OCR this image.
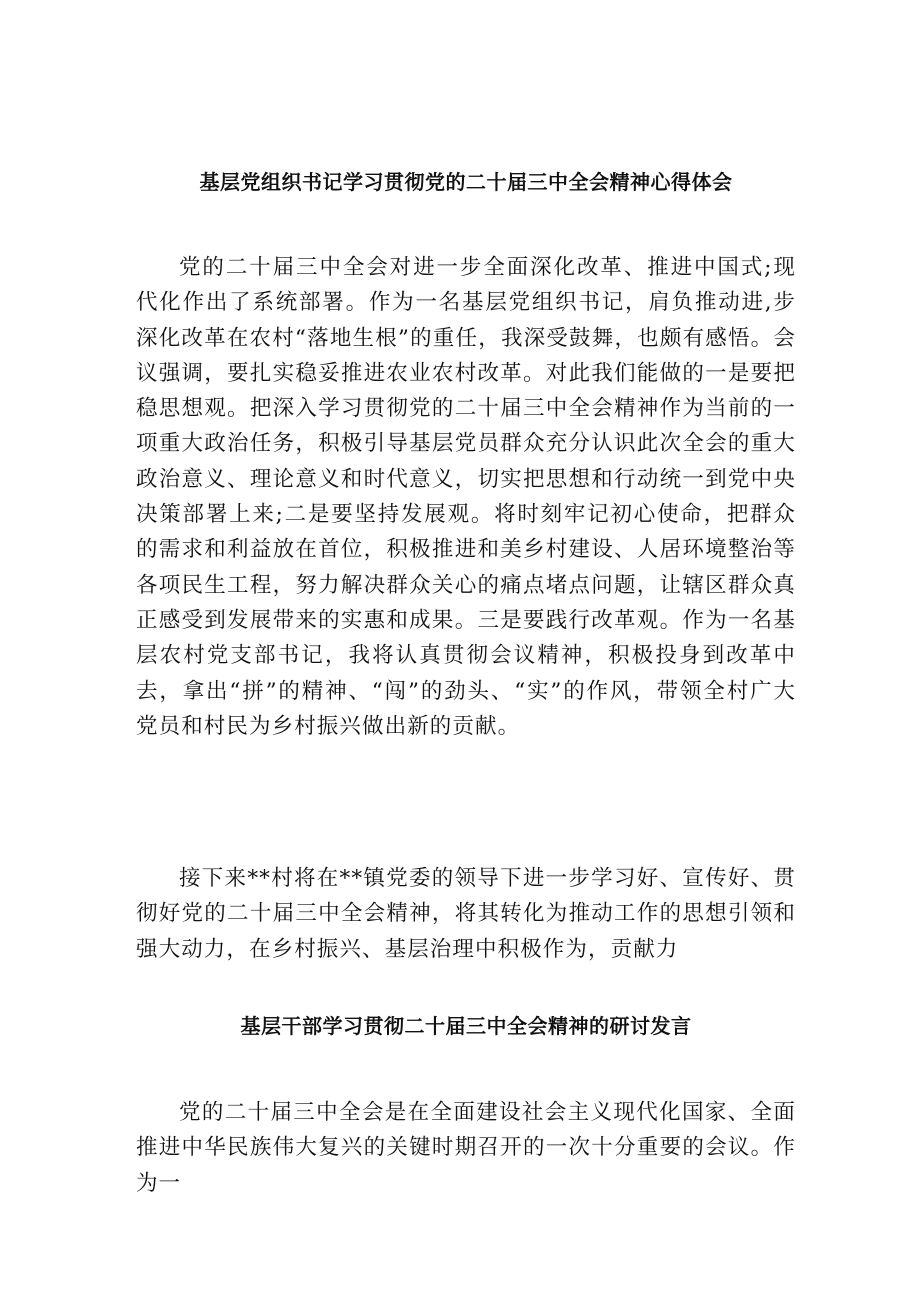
基层党组织书记学习贯彻党的二十届三中全会精神心得体会

党的二十届三中全会对进一步全面深化改革、推进中国式;现代化作出了系统部署。作为一名基层党组织书记，肩负推动进,步深化改革在农村“落地生根”的重任，我深受鼓舞，也颇有感悟。会议强调，要扎实稳妥推进农业农村改革。对此我们能做的一是要把稳思想观。把深入学习贯彻党的二十届三中全会精神作为当前的一项重大政治任务，积极引导基层党员群众充分认识此次全会的重大政治意义、理论意义和时代意义，切实把思想和行动统一到党中央决策部署上来;二是要坚持发展观。将时刻牢记初心使命，把群众的需求和利益放在首位，积极推进和美乡村建设、人居环境整治等各项民生工程，努力解决群众关心的痛点堵点问题，让辖区群众真正感受到发展带来的实惠和成果。三是要践行改革观。作为一名基层农村党支部书记，我将认真贯彻会议精神，积极投身到改革中去，拿出“拼”的精神、“闯”的劲头、“实”的作风，带领全村广大党员和村民为乡村振兴做出新的贡献。

接下来**村将在**镇党委的领导下进一步学习好、宣传好、贯彻好党的二十届三中全会精神，将其转化为推动工作的思想引领和强大动力，在乡村振兴、基层治理中积极作为，贡献力

基层干部学习贯彻二十届三中全会精神的研讨发言

党的二十届三中全会是在全面建设社会主义现代化国家、全面推进中华民族伟大复兴的关键时期召开的一次十分重要的会议。作为一
